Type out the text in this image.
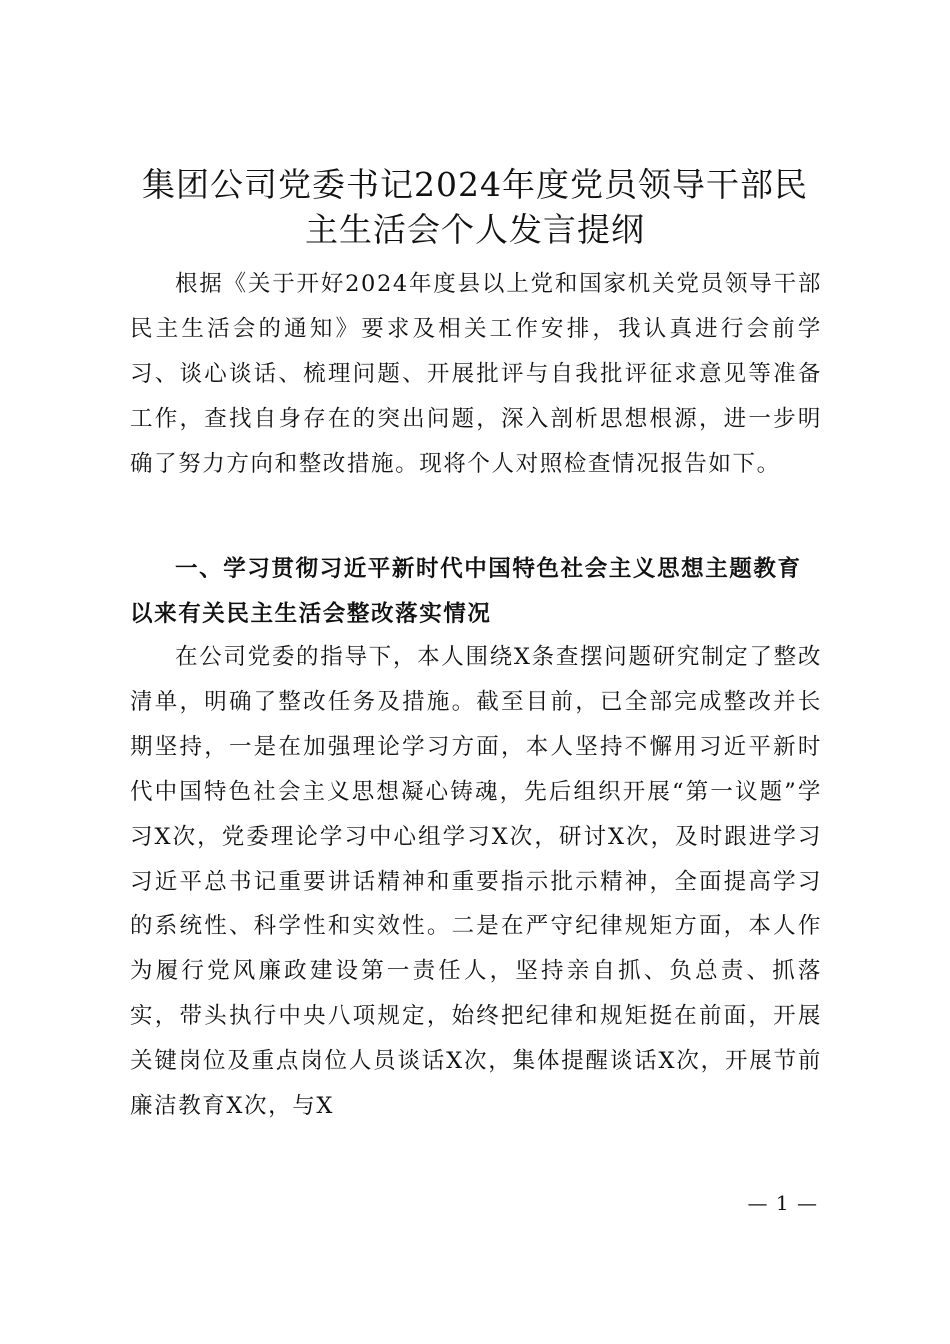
集团公司党委书记2024年度党员领导干部民
主生活会个人发言提纲

根据《关于开好2024年度县以上党和国家机关党员领导干部民主生活会的通知》要求及相关工作安排，我认真进行会前学习、谈心谈话、梳理问题、开展批评与自我批评征求意见等准备工作，查找自身存在的突出问题，深入剖析思想根源，进一步明确了努力方向和整改措施。现将个人对照检查情况报告如下。

一、学习贯彻习近平新时代中国特色社会主义思想主题教育以来有关民主生活会整改落实情况

在公司党委的指导下，本人围绕X条查摆问题研究制定了整改清单，明确了整改任务及措施。截至目前，已全部完成整改并长期坚持，一是在加强理论学习方面，本人坚持不懈用习近平新时代中国特色社会主义思想凝心铸魂，先后组织开展“第一议题”学习X次，党委理论学习中心组学习X次，研讨X次，及时跟进学习习近平总书记重要讲话精神和重要指示批示精神，全面提高学习的系统性、科学性和实效性。二是在严守纪律规矩方面，本人作为履行党风廉政建设第一责任人，坚持亲自抓、负总责、抓落实，带头执行中央八项规定，始终把纪律和规矩挺在前面，开展关键岗位及重点岗位人员谈话X次，集体提醒谈话X次，开展节前廉洁教育X次，与X

— 1 —
